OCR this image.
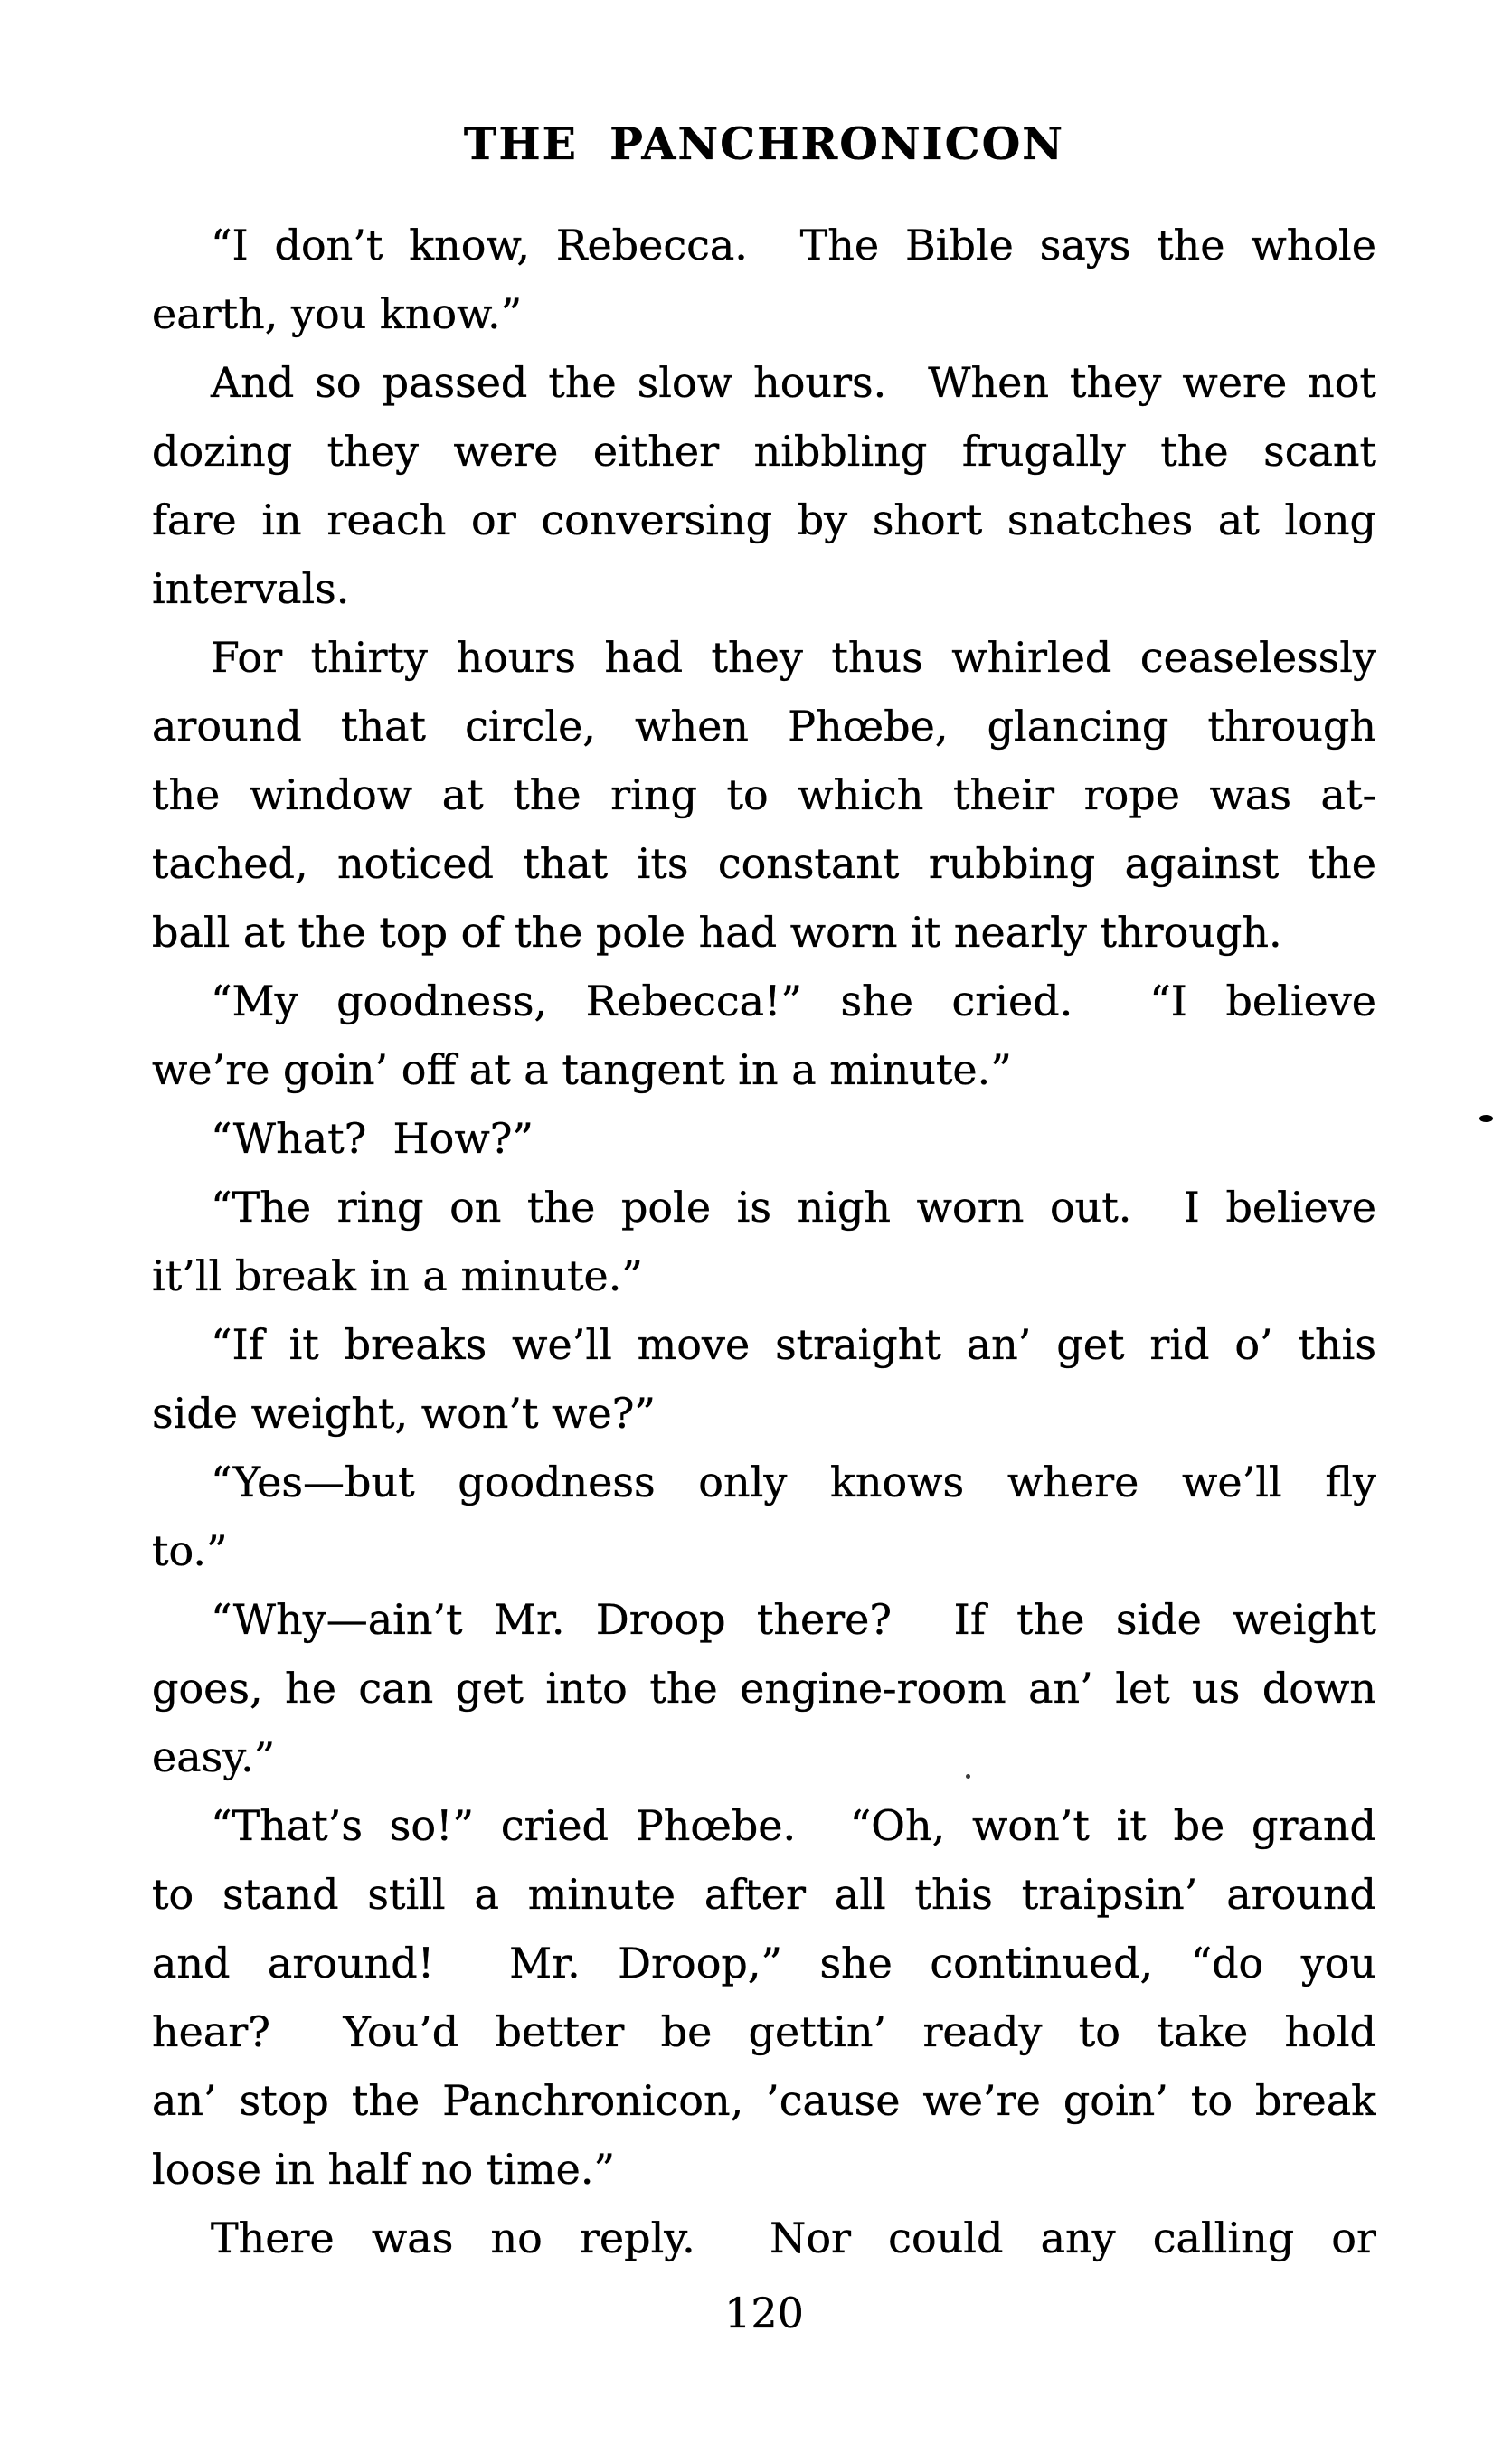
THE PANCHRONICON
“I don’t know, Rebecca.  The Bible says the whole
earth, you know.”
And so passed the slow hours.  When they were not
dozing they were either nibbling frugally the scant
fare in reach or conversing by short snatches at long
intervals.
For thirty hours had they thus whirled ceaselessly
around that circle, when Phœbe, glancing through
the window at the ring to which their rope was at-
tached, noticed that its constant rubbing against the
ball at the top of the pole had worn it nearly through.
“My goodness, Rebecca!” she cried.  “I believe
we’re goin’ off at a tangent in a minute.”
“What?  How?”
“The ring on the pole is nigh worn out.  I believe
it’ll break in a minute.”
“If it breaks we’ll move straight an’ get rid o’ this
side weight, won’t we?”
“Yes—but goodness only knows where we’ll fly
to.”
“Why—ain’t Mr. Droop there?  If the side weight
goes, he can get into the engine-room an’ let us down
easy.”
“That’s so!” cried Phœbe.  “Oh, won’t it be grand
to stand still a minute after all this traipsin’ around
and around!  Mr. Droop,” she continued, “do you
hear?  You’d better be gettin’ ready to take hold
an’ stop the Panchronicon, ’cause we’re goin’ to break
loose in half no time.”
There was no reply.  Nor could any calling or
120
